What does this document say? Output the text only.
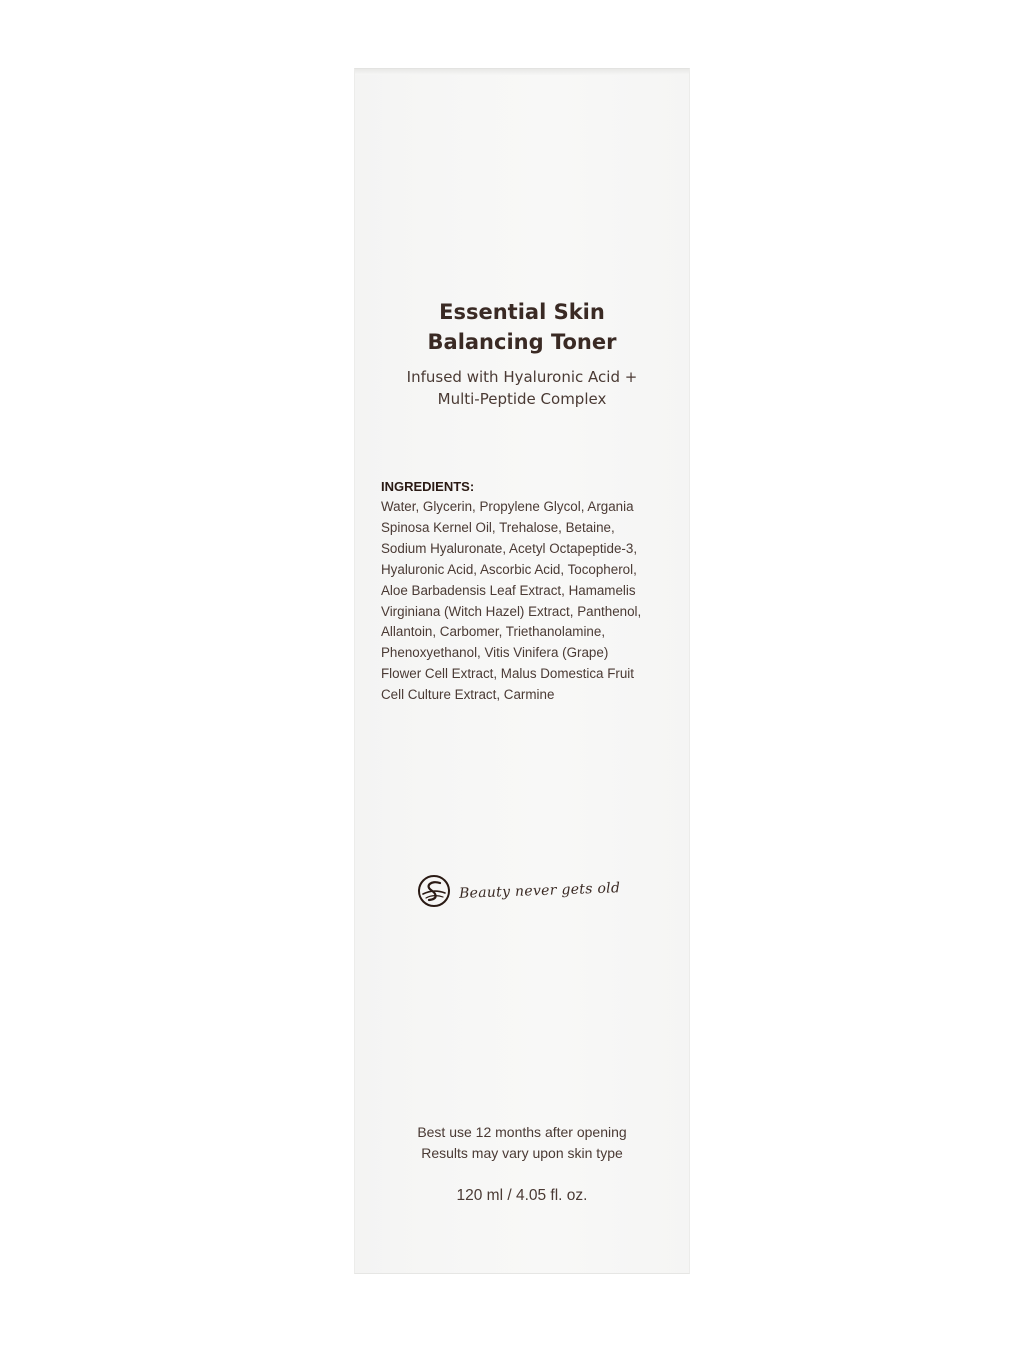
Essential Skin
Balancing Toner
Infused with Hyaluronic Acid +
Multi-Peptide Complex
INGREDIENTS:
Water, Glycerin, Propylene Glycol, Argania
Spinosa Kernel Oil, Trehalose, Betaine,
Sodium Hyaluronate, Acetyl Octapeptide-3,
Hyaluronic Acid, Ascorbic Acid, Tocopherol,
Aloe Barbadensis Leaf Extract, Hamamelis
Virginiana (Witch Hazel) Extract, Panthenol,
Allantoin, Carbomer, Triethanolamine,
Phenoxyethanol, Vitis Vinifera (Grape)
Flower Cell Extract, Malus Domestica Fruit
Cell Culture Extract, Carmine
Beauty never gets old
Best use 12 months after opening
Results may vary upon skin type
120 ml / 4.05 fl. oz.
